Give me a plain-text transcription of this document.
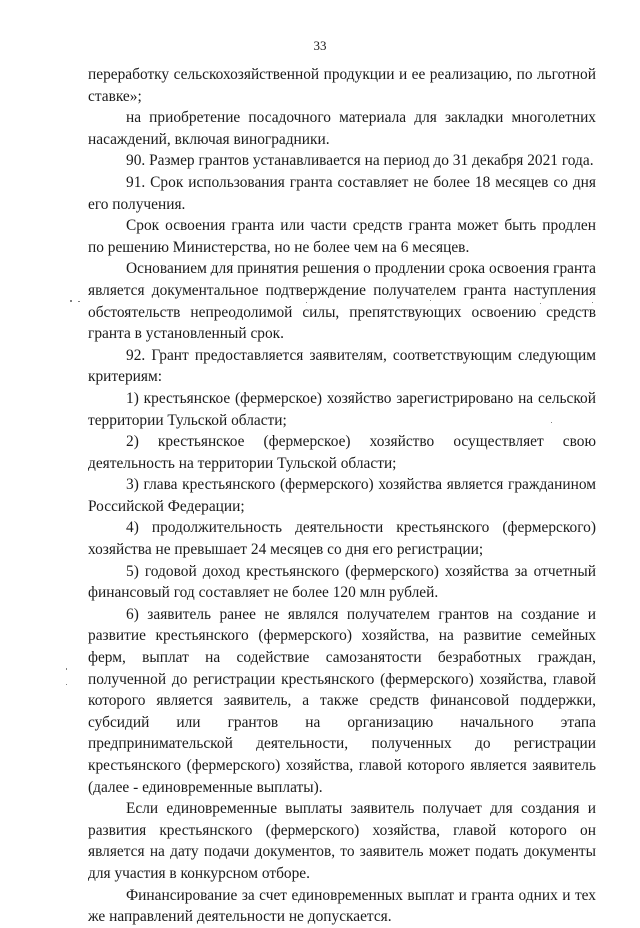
33

переработку сельскохозяйственной продукции и ее реализацию, по льготной ставке»;

на приобретение посадочного материала для закладки многолетних насаждений, включая виноградники.

90. Размер грантов устанавливается на период до 31 декабря 2021 года.

91. Срок использования гранта составляет не более 18 месяцев со дня его получения.

Срок освоения гранта или части средств гранта может быть продлен по решению Министерства, но не более чем на 6 месяцев.

Основанием для принятия решения о продлении срока освоения гранта является документальное подтверждение получателем гранта наступления обстоятельств непреодолимой силы, препятствующих освоению средств гранта в установленный срок.

92. Грант предоставляется заявителям, соответствующим следующим критериям:

1) крестьянское (фермерское) хозяйство зарегистрировано на сельской территории Тульской области;

2) крестьянское (фермерское) хозяйство осуществляет свою деятельность на территории Тульской области;

3) глава крестьянского (фермерского) хозяйства является гражданином Российской Федерации;

4) продолжительность деятельности крестьянского (фермерского) хозяйства не превышает 24 месяцев со дня его регистрации;

5) годовой доход крестьянского (фермерского) хозяйства за отчетный финансовый год составляет не более 120 млн рублей.

6) заявитель ранее не являлся получателем грантов на создание и развитие крестьянского (фермерского) хозяйства, на развитие семейных ферм, выплат на содействие самозанятости безработных граждан, полученной до регистрации крестьянского (фермерского) хозяйства, главой которого является заявитель, а также средств финансовой поддержки, субсидий или грантов на организацию начального этапа предпринимательской деятельности, полученных до регистрации крестьянского (фермерского) хозяйства, главой которого является заявитель (далее - единовременные выплаты).

Если единовременные выплаты заявитель получает для создания и развития крестьянского (фермерского) хозяйства, главой которого он является на дату подачи документов, то заявитель может подать документы для участия в конкурсном отборе.

Финансирование за счет единовременных выплат и гранта одних и тех же направлений деятельности не допускается.
